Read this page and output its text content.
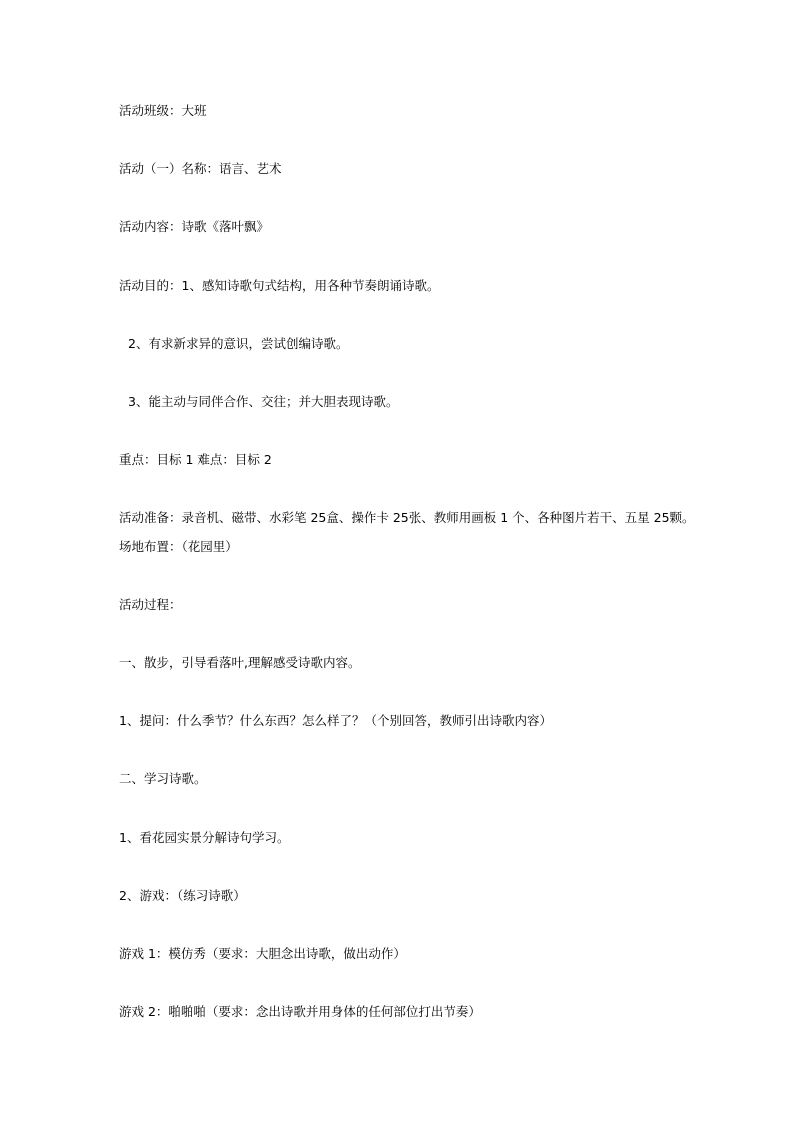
活动班级：大班
活动（一）名称：语言、艺术
活动内容：诗歌《落叶飘》
活动目的：1、感知诗歌句式结构，用各种节奏朗诵诗歌。
2、有求新求异的意识，尝试创编诗歌。
3、能主动与同伴合作、交往；并大胆表现诗歌。
重点：目标 1 难点：目标 2
活动准备：录音机、磁带、水彩笔 25盒、操作卡 25张、教师用画板 1 个、各种图片若干、五星 25颗。
场地布置：（花园里）
活动过程：
一、散步，引导看落叶,理解感受诗歌内容。
1、提问：什么季节？什么东西？怎么样了？（个别回答，教师引出诗歌内容）
二、学习诗歌。
1、看花园实景分解诗句学习。
2、游戏：（练习诗歌）
游戏 1：模仿秀（要求：大胆念出诗歌，做出动作）
游戏 2：啪啪啪（要求：念出诗歌并用身体的任何部位打出节奏）
